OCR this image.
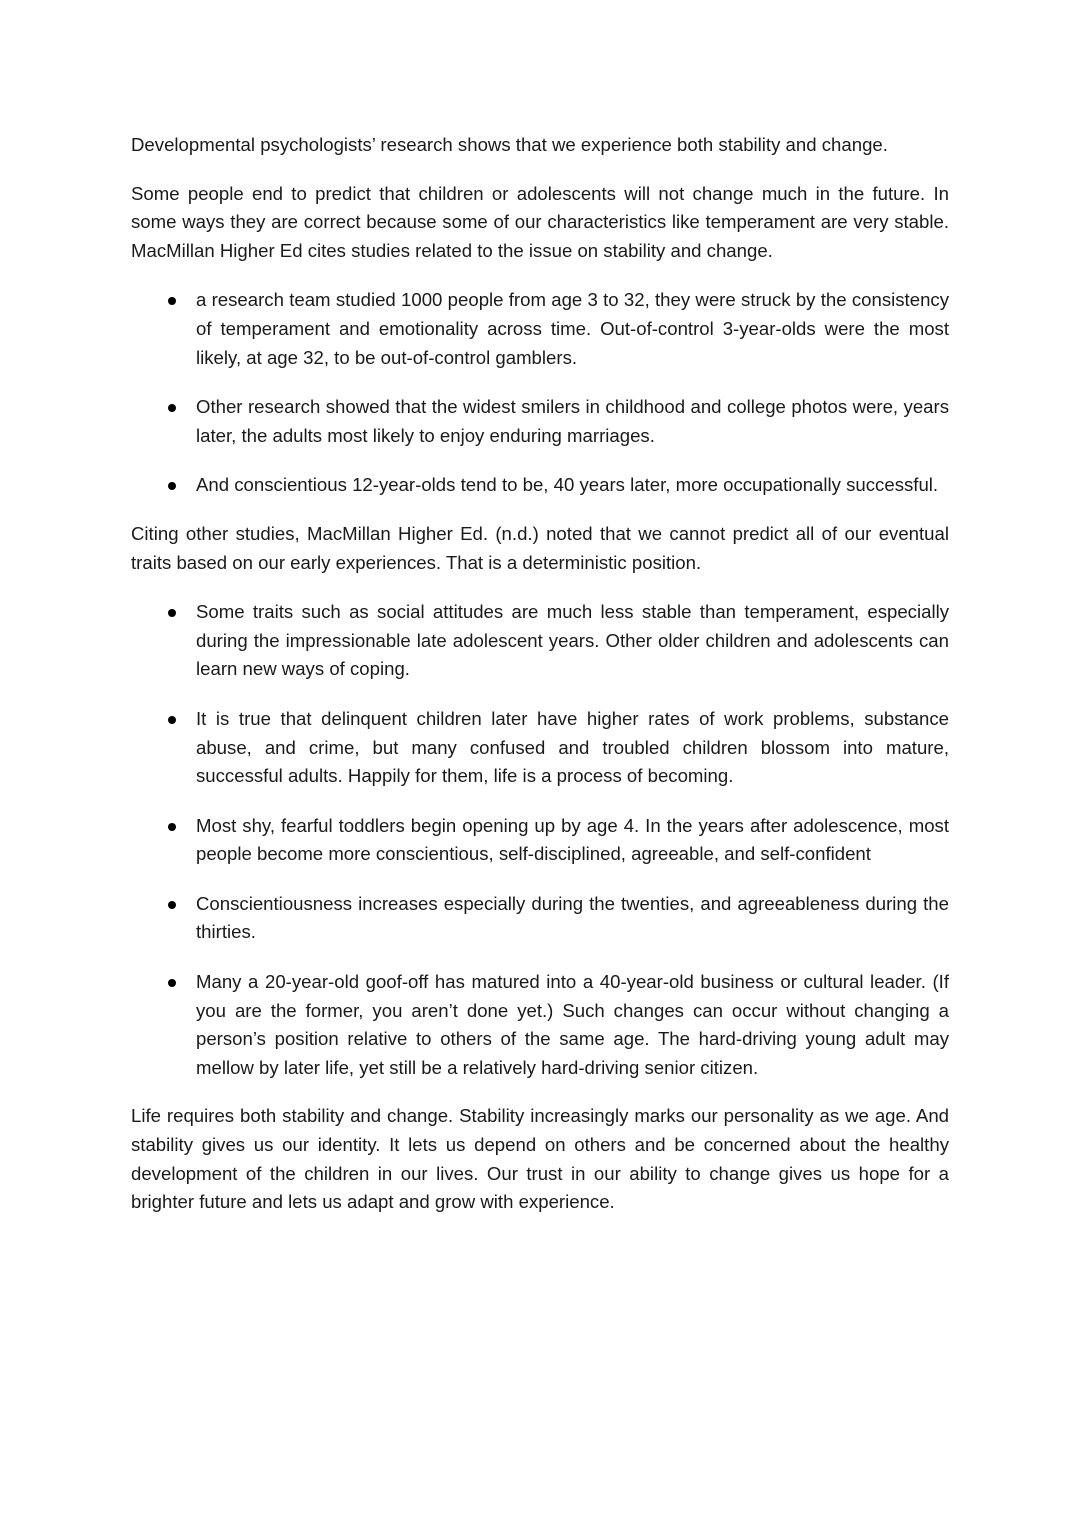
Developmental psychologists’ research shows that we experience both stability and change.

Some people end to predict that children or adolescents will not change much in the future. In some ways they are correct because some of our characteristics like temperament are very stable. MacMillan Higher Ed cites studies related to the issue on stability and change.

a research team studied 1000 people from age 3 to 32, they were struck by the consistency of temperament and emotionality across time. Out-of-control 3-year-olds were the most likely, at age 32, to be out-of-control gamblers.
Other research showed that the widest smilers in childhood and college photos were, years later, the adults most likely to enjoy enduring marriages.
And conscientious 12-year-olds tend to be, 40 years later, more occupationally successful.

Citing other studies, MacMillan Higher Ed. (n.d.) noted that we cannot predict all of our eventual traits based on our early experiences. That is a deterministic position.

Some traits such as social attitudes are much less stable than temperament, especially during the impressionable late adolescent years. Other older children and adolescents can learn new ways of coping.
It is true that delinquent children later have higher rates of work problems, substance abuse, and crime, but many confused and troubled children blossom into mature, successful adults. Happily for them, life is a process of becoming.
Most shy, fearful toddlers begin opening up by age 4. In the years after adolescence, most people become more conscientious, self-disciplined, agreeable, and self-confident
Conscientiousness increases especially during the twenties, and agreeableness during the thirties.
Many a 20-year-old goof-off has matured into a 40-year-old business or cultural leader. (If you are the former, you aren’t done yet.) Such changes can occur without changing a person’s position relative to others of the same age. The hard-driving young adult may mellow by later life, yet still be a relatively hard-driving senior citizen.

Life requires both stability and change. Stability increasingly marks our personality as we age. And stability gives us our identity. It lets us depend on others and be concerned about the healthy development of the children in our lives. Our trust in our ability to change gives us hope for a brighter future and lets us adapt and grow with experience.
